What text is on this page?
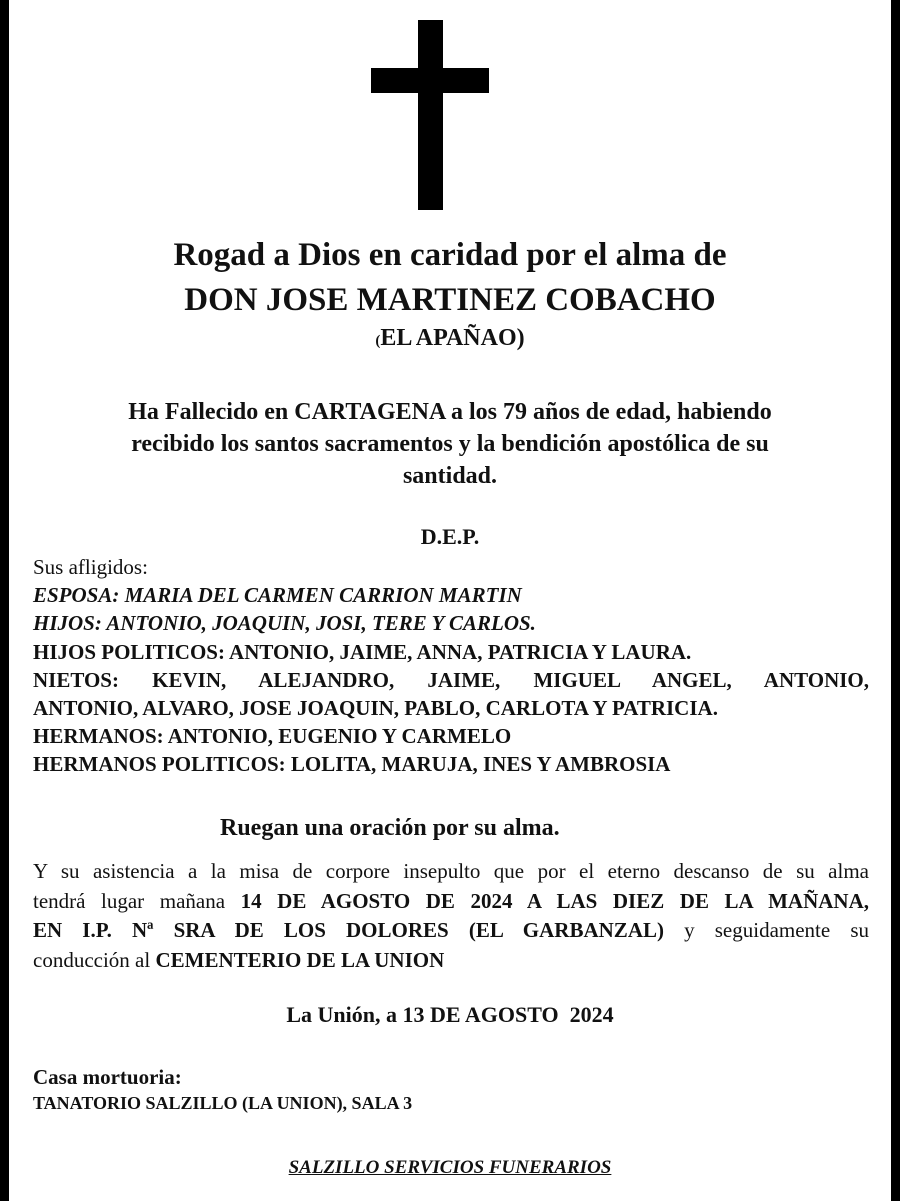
Rogad a Dios en caridad por el alma de
DON JOSE MARTINEZ COBACHO
(EL APAÑAO)
Ha Fallecido en CARTAGENA a los 79 años de edad, habiendo
recibido los santos sacramentos y la bendición apostólica de su
santidad.
D.E.P.
Sus afligidos:
ESPOSA: MARIA DEL CARMEN CARRION MARTIN
HIJOS: ANTONIO, JOAQUIN, JOSI, TERE Y CARLOS.
HIJOS POLITICOS: ANTONIO, JAIME, ANNA, PATRICIA Y LAURA.
NIETOS: KEVIN, ALEJANDRO, JAIME, MIGUEL ANGEL, ANTONIO,
ANTONIO, ALVARO, JOSE JOAQUIN, PABLO, CARLOTA Y PATRICIA.
HERMANOS: ANTONIO, EUGENIO Y CARMELO
HERMANOS POLITICOS: LOLITA, MARUJA, INES Y AMBROSIA
Ruegan una oración por su alma.
Y su asistencia a la misa de corpore insepulto que por el eterno descanso de su alma
tendrá lugar mañana 14 DE AGOSTO DE 2024 A LAS DIEZ DE LA MAÑANA,
EN I.P. Nª SRA DE LOS DOLORES (EL GARBANZAL) y seguidamente su
conducción al CEMENTERIO DE LA UNION
La Unión, a 13 DE AGOSTO  2024
Casa mortuoria:
TANATORIO SALZILLO (LA UNION), SALA 3
SALZILLO SERVICIOS FUNERARIOS
